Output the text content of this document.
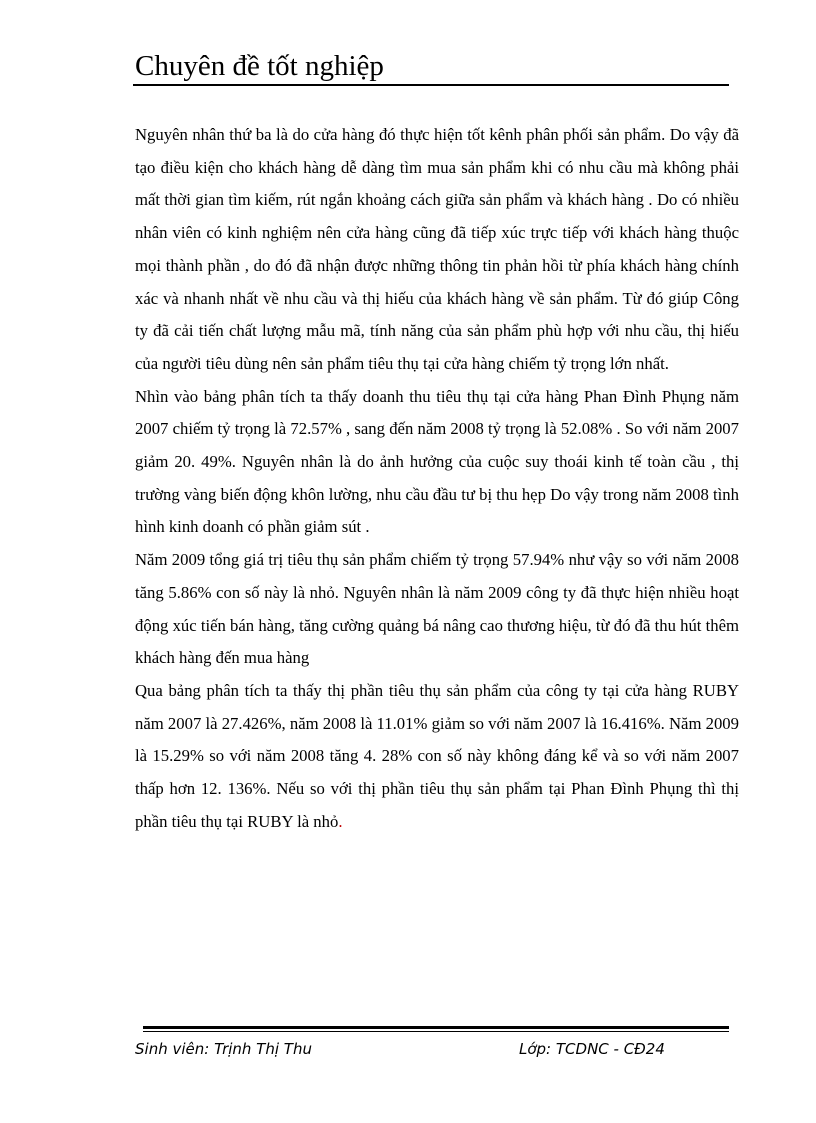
Chuyên đề tốt nghiệp

Nguyên nhân thứ ba là do cửa hàng đó thực hiện tốt kênh phân phối sản phẩm. Do vậy đã tạo điều kiện cho khách hàng dễ dàng tìm mua sản phẩm khi có nhu cầu mà không phải mất thời gian tìm kiếm, rút ngắn khoảng cách giữa sản phẩm và khách hàng . Do có nhiều nhân viên có kinh nghiệm nên cửa hàng cũng đã tiếp xúc trực tiếp với khách hàng thuộc mọi thành phần , do đó đã nhận được những thông tin phản hồi từ phía khách hàng chính xác và nhanh nhất về nhu cầu và thị hiếu của khách hàng về sản phẩm. Từ đó giúp Công ty đã cải tiến chất lượng mẫu mã, tính năng của sản phẩm phù hợp với nhu cầu, thị hiếu của người tiêu dùng nên sản phẩm tiêu thụ tại cửa hàng chiếm tỷ trọng lớn nhất.

Nhìn vào bảng phân tích ta thấy doanh thu tiêu thụ tại cửa hàng Phan Đình Phụng năm 2007 chiếm tỷ trọng là 72.57% , sang đến năm 2008 tỷ trọng là 52.08% . So với năm 2007 giảm 20. 49%. Nguyên nhân là do ảnh hưởng của cuộc suy thoái kinh tế toàn cầu , thị trường vàng biến động khôn lường, nhu cầu đầu tư bị thu hẹp Do vậy trong năm 2008 tình hình kinh doanh có phần giảm sút .

Năm 2009 tổng giá trị tiêu thụ sản phẩm chiếm tỷ trọng 57.94% như vậy so với năm 2008 tăng 5.86% con số này là nhỏ. Nguyên nhân là năm 2009 công ty đã thực hiện nhiều hoạt động xúc tiến bán hàng, tăng cường quảng bá nâng cao thương hiệu, từ đó đã thu hút thêm khách hàng đến mua hàng

Qua bảng phân tích ta thấy thị phần tiêu thụ sản phẩm của công ty tại cửa hàng RUBY năm 2007 là 27.426%, năm 2008 là 11.01% giảm so với năm 2007 là 16.416%. Năm 2009 là 15.29% so với năm 2008 tăng 4. 28% con số này không đáng kể và so với năm 2007 thấp hơn 12. 136%. Nếu so với thị phần tiêu thụ sản phẩm tại Phan Đình Phụng thì thị phần tiêu thụ tại RUBY là nhỏ.

Sinh viên: Trịnh Thị Thu	Lớp: TCDNC - CĐ24
